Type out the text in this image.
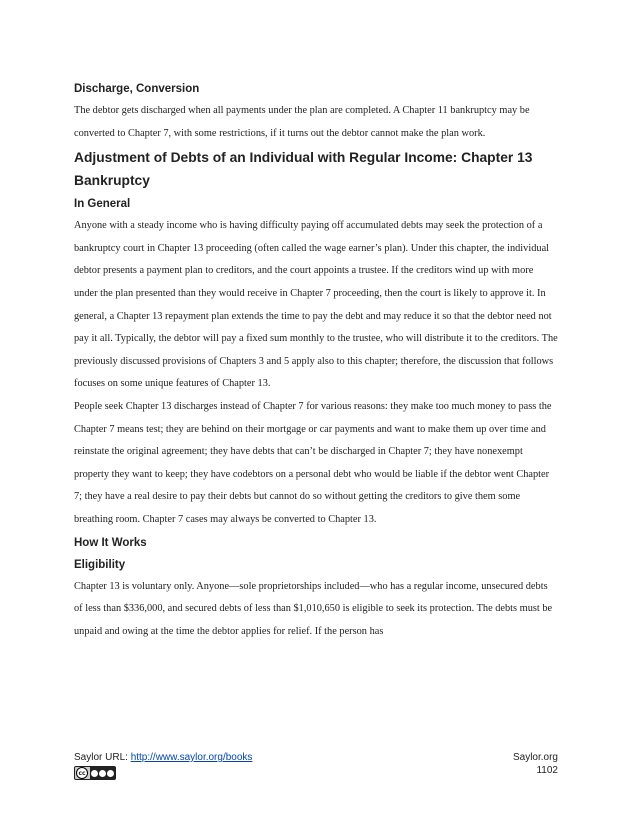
Discharge, Conversion

The debtor gets discharged when all payments under the plan are completed. A Chapter 11 bankruptcy may be converted to Chapter 7, with some restrictions, if it turns out the debtor cannot make the plan work.

Adjustment of Debts of an Individual with Regular Income: Chapter 13 Bankruptcy

In General

Anyone with a steady income who is having difficulty paying off accumulated debts may seek the protection of a bankruptcy court in Chapter 13 proceeding (often called the wage earner’s plan). Under this chapter, the individual debtor presents a payment plan to creditors, and the court appoints a trustee. If the creditors wind up with more under the plan presented than they would receive in Chapter 7 proceeding, then the court is likely to approve it. In general, a Chapter 13 repayment plan extends the time to pay the debt and may reduce it so that the debtor need not pay it all. Typically, the debtor will pay a fixed sum monthly to the trustee, who will distribute it to the creditors. The previously discussed provisions of Chapters 3 and 5 apply also to this chapter; therefore, the discussion that follows focuses on some unique features of Chapter 13.

People seek Chapter 13 discharges instead of Chapter 7 for various reasons: they make too much money to pass the Chapter 7 means test; they are behind on their mortgage or car payments and want to make them up over time and reinstate the original agreement; they have debts that can’t be discharged in Chapter 7; they have nonexempt property they want to keep; they have codebtors on a personal debt who would be liable if the debtor went Chapter 7; they have a real desire to pay their debts but cannot do so without getting the creditors to give them some breathing room. Chapter 7 cases may always be converted to Chapter 13.

How It Works

Eligibility

Chapter 13 is voluntary only. Anyone—sole proprietorships included—who has a regular income, unsecured debts of less than $336,000, and secured debts of less than $1,010,650 is eligible to seek its protection. The debts must be unpaid and owing at the time the debtor applies for relief. If the person has

Saylor URL: http://www.saylor.org/books
cc
Saylor.org
1102
